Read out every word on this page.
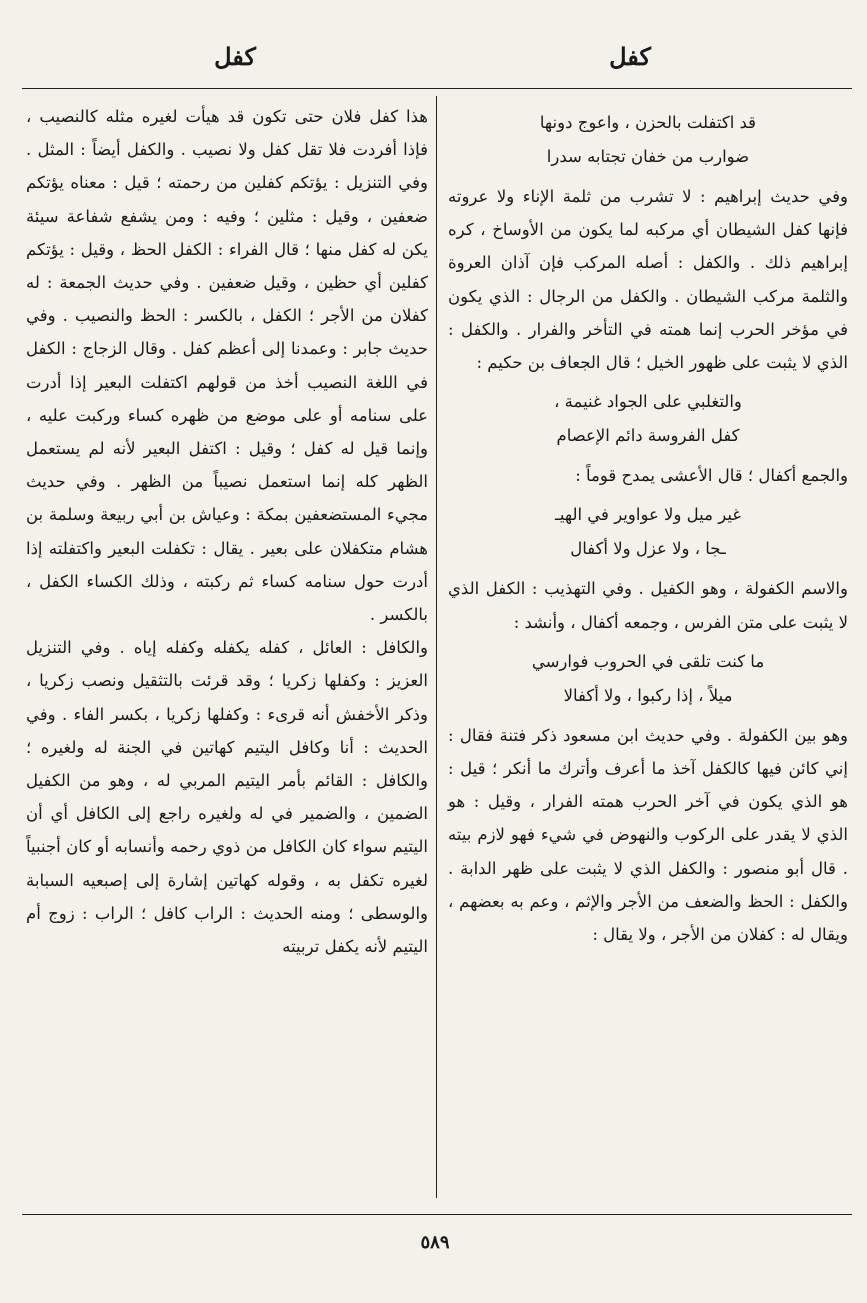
كفل
كفل
قد اكتفلت بالحزن ، واعوج دونها
ضوارب من خفان تجتابه سدرا

وفي حديث إبراهيم : لا تشرب من ثلمة الإناء ولا عروته فإنها كفل الشيطان أي مركبه لما يكون من الأوساخ ، كره إبراهيم ذلك . والكفل : أصله المركب فإن آذان العروة والثلمة مركب الشيطان . والكفل من الرجال : الذي يكون في مؤخر الحرب إنما همته في التأخر والفرار . والكفل : الذي لا يثبت على ظهور الخيل ؛ قال الجعاف بن حكيم :

والتغلبي على الجواد غنيمة ،
كفل الفروسة دائم الإعصام

والجمع أكفال ؛ قال الأعشى يمدح قوماً :

غير ميل ولا عواوير في الهيـ
ـجا ، ولا عزل ولا أكفال

والاسم الكفولة ، وهو الكفيل . وفي التهذيب : الكفل الذي لا يثبت على متن الفرس ، وجمعه أكفال ، وأنشد :

ما كنت تلقى في الحروب فوارسي
ميلاً ، إذا ركبوا ، ولا أكفالا

وهو بين الكفولة . وفي حديث ابن مسعود ذكر فتنة فقال : إني كائن فيها كالكفل آخذ ما أعرف وأترك ما أنكر ؛ قيل : هو الذي يكون في آخر الحرب همته الفرار ، وقيل : هو الذي لا يقدر على الركوب والنهوض في شيء فهو لازم بيته . قال أبو منصور : والكفل الذي لا يثبت على ظهر الدابة . والكفل : الحظ والضعف من الأجر والإثم ، وعم به بعضهم ، ويقال له : كفلان من الأجر ، ولا يقال :

هذا كفل فلان حتى تكون قد هيأت لغيره مثله كالنصيب ، فإذا أفردت فلا تقل كفل ولا نصيب . والكفل أيضاً : المثل . وفي التنزيل : يؤتكم كفلين من رحمته ؛ قيل : معناه يؤتكم ضعفين ، وقيل : مثلين ؛ وفيه : ومن يشفع شفاعة سيئة يكن له كفل منها ؛ قال الفراء : الكفل الحظ ، وقيل : يؤتكم كفلين أي حظين ، وقيل ضعفين . وفي حديث الجمعة : له كفلان من الأجر ؛ الكفل ، بالكسر : الحظ والنصيب . وفي حديث جابر : وعمدنا إلى أعظم كفل . وقال الزجاج : الكفل في اللغة النصيب أخذ من قولهم اكتفلت البعير إذا أدرت على سنامه أو على موضع من ظهره كساء وركبت عليه ، وإنما قيل له كفل ؛ وقيل : اكتفل البعير لأنه لم يستعمل الظهر كله إنما استعمل نصيباً من الظهر . وفي حديث مجيء المستضعفين بمكة : وعياش بن أبي ربيعة وسلمة بن هشام متكفلان على بعير . يقال : تكفلت البعير واكتفلته إذا أدرت حول سنامه كساء ثم ركبته ، وذلك الكساء الكفل ، بالكسر .

والكافل : العائل ، كفله يكفله وكفله إياه . وفي التنزيل العزيز : وكفلها زكريا ؛ وقد قرئت بالتثقيل ونصب زكريا ، وذكر الأخفش أنه قرىء : وكفلها زكريا ، بكسر الفاء . وفي الحديث : أنا وكافل اليتيم كهاتين في الجنة له ولغيره ؛ والكافل : القائم بأمر اليتيم المربي له ، وهو من الكفيل الضمين ، والضمير في له ولغيره راجع إلى الكافل أي أن اليتيم سواء كان الكافل من ذوي رحمه وأنسابه أو كان أجنبياً لغيره تكفل به ، وقوله كهاتين إشارة إلى إصبعيه السبابة والوسطى ؛ ومنه الحديث : الراب كافل ؛ الراب : زوج أم اليتيم لأنه يكفل تربيته

٥٨٩
